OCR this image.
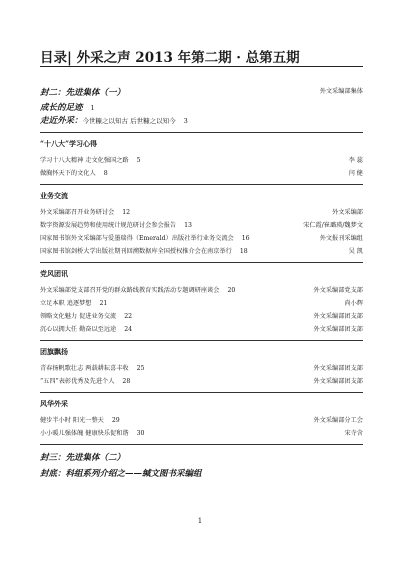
目录| 外采之声 2013 年第二期 · 总第五期
封二：先进集体（一）	外文采编部集体
成长的足迹 1
走近外采：今世糠之以知古 后世糠之以知今 3
“十八大”学习心得
学习十八大精神 走文化强国之路 5	李 蕊
做胸怀天下的文化人 8	闫 健
业务交流
外文采编部召开业务研讨会 12	外文采编部
数字资源发展趋势和使用统计规范研讨会参会报告 13	宋仁霞/崔璐瑛/魏梦文
国家图书馆外文采编部与爱墨瑞得（Emerald）出版社举行业务交流会 16	外文报刊采编组
国家图书馆剑桥大学出版社期刊回溯数据库全国授权推介会在南京举行 18	吴 凯
党风团讯
外文采编部党支部召开党的群众路线教育实践活动专题调研座谈会 20	外文采编部党支部
立足本职 追逐梦想 21	尚小辉
领略文化魅力 促进业务交流 22	外文采编部团支部
沉心以拥大任 勤奋以至远途 24	外文采编部团支部
团旗飘扬
青春扬帆歌壮志 两载耕耘喜丰收 25	外文采编部团支部
“五四”表彰优秀及先进个人 28	外文采编部团支部
风华外采
健步半小时 阳光一整天 29	外文采编部分工会
小小暖儿强体魄 健康快乐促和谐 30	宋寺含
封三：先进集体（二）
封底：科组系列介绍之——缄文图书采编组
1
